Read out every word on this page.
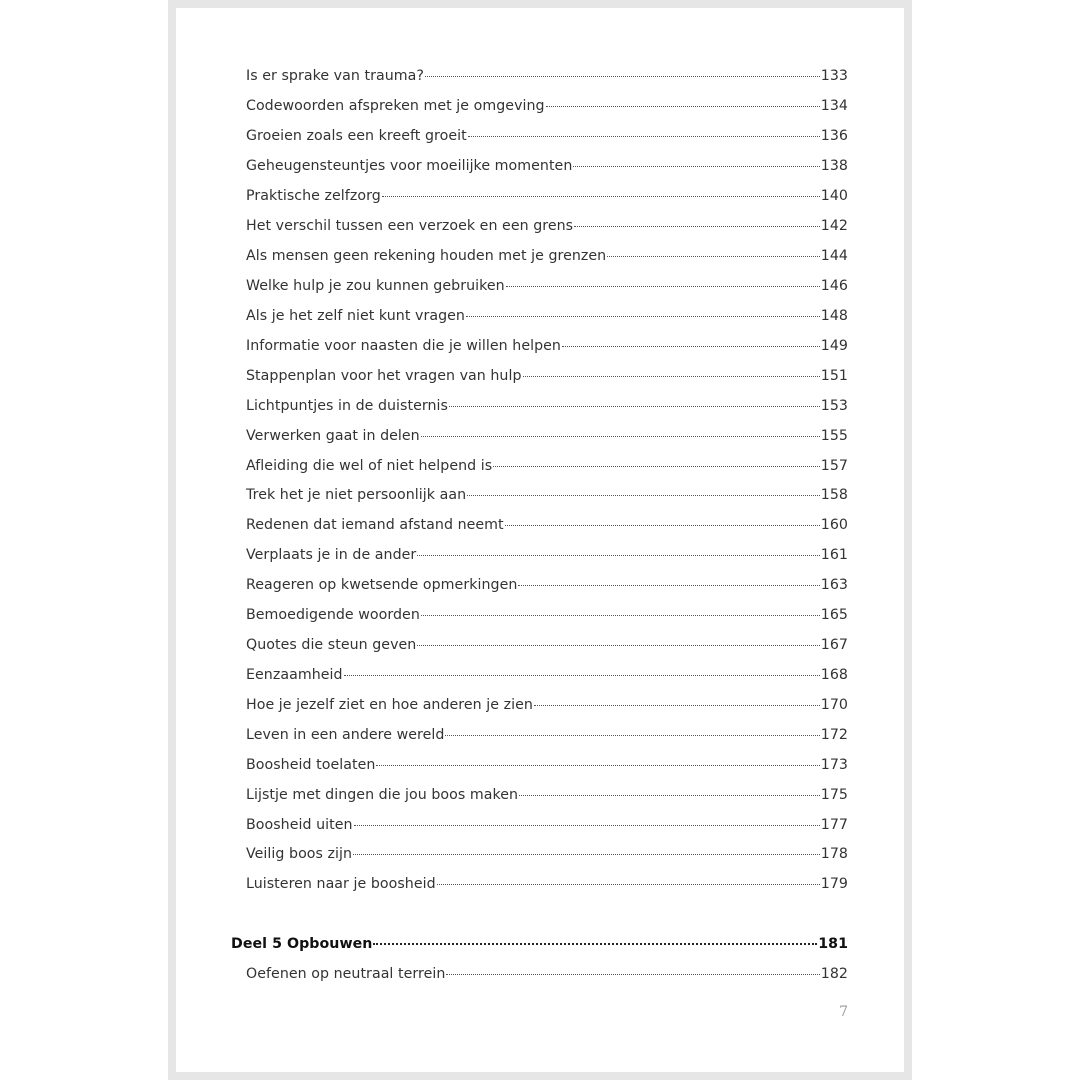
Is er sprake van trauma?	133
Codewoorden afspreken met je omgeving	134
Groeien zoals een kreeft groeit	136
Geheugensteuntjes voor moeilijke momenten	138
Praktische zelfzorg	140
Het verschil tussen een verzoek en een grens	142
Als mensen geen rekening houden met je grenzen	144
Welke hulp je zou kunnen gebruiken	146
Als je het zelf niet kunt vragen	148
Informatie voor naasten die je willen helpen	149
Stappenplan voor het vragen van hulp	151
Lichtpuntjes in de duisternis	153
Verwerken gaat in delen	155
Afleiding die wel of niet helpend is	157
Trek het je niet persoonlijk aan	158
Redenen dat iemand afstand neemt	160
Verplaats je in de ander	161
Reageren op kwetsende opmerkingen	163
Bemoedigende woorden	165
Quotes die steun geven	167
Eenzaamheid	168
Hoe je jezelf ziet en hoe anderen je zien	170
Leven in een andere wereld	172
Boosheid toelaten	173
Lijstje met dingen die jou boos maken	175
Boosheid uiten	177
Veilig boos zijn	178
Luisteren naar je boosheid	179
Deel 5 Opbouwen	181
Oefenen op neutraal terrein	182
7
